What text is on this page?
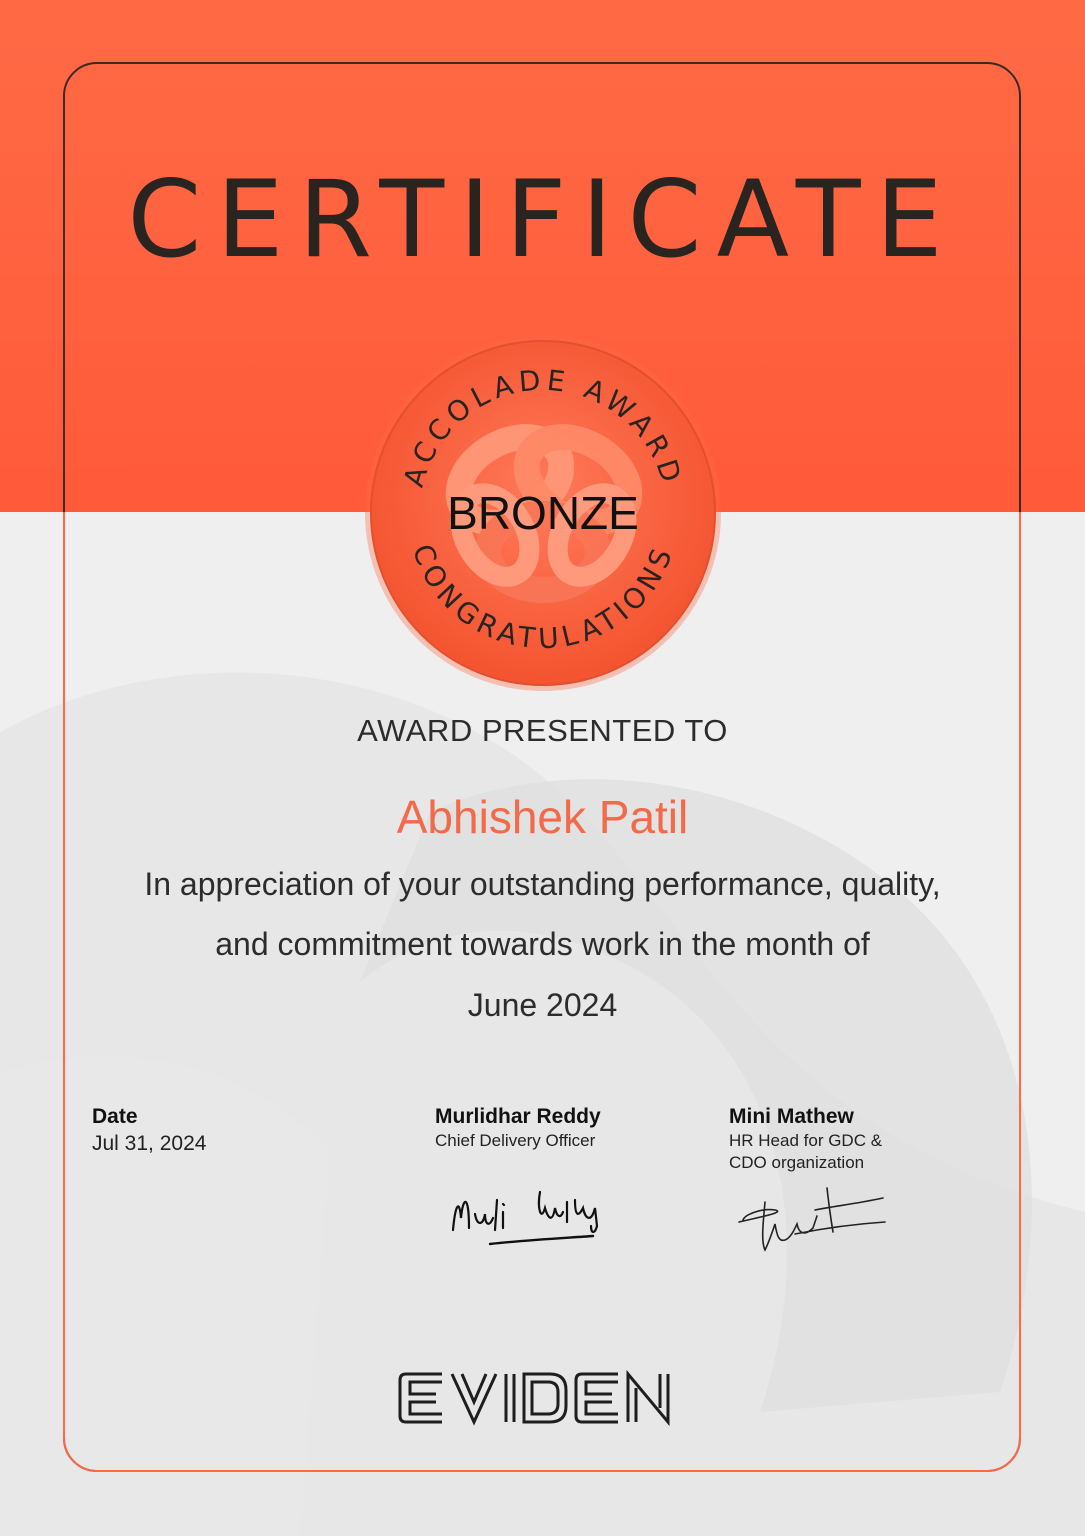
CERTIFICATE
ACCOLADE AWARD
CONGRATULATIONS
BRONZE
AWARD PRESENTED TO
Abhishek Patil
In appreciation of your outstanding performance, quality,
and commitment towards work in the month of
June 2024
Date
Jul 31, 2024
Murlidhar Reddy
Chief Delivery Officer
Mini Mathew
HR Head for GDC &
CDO organization
